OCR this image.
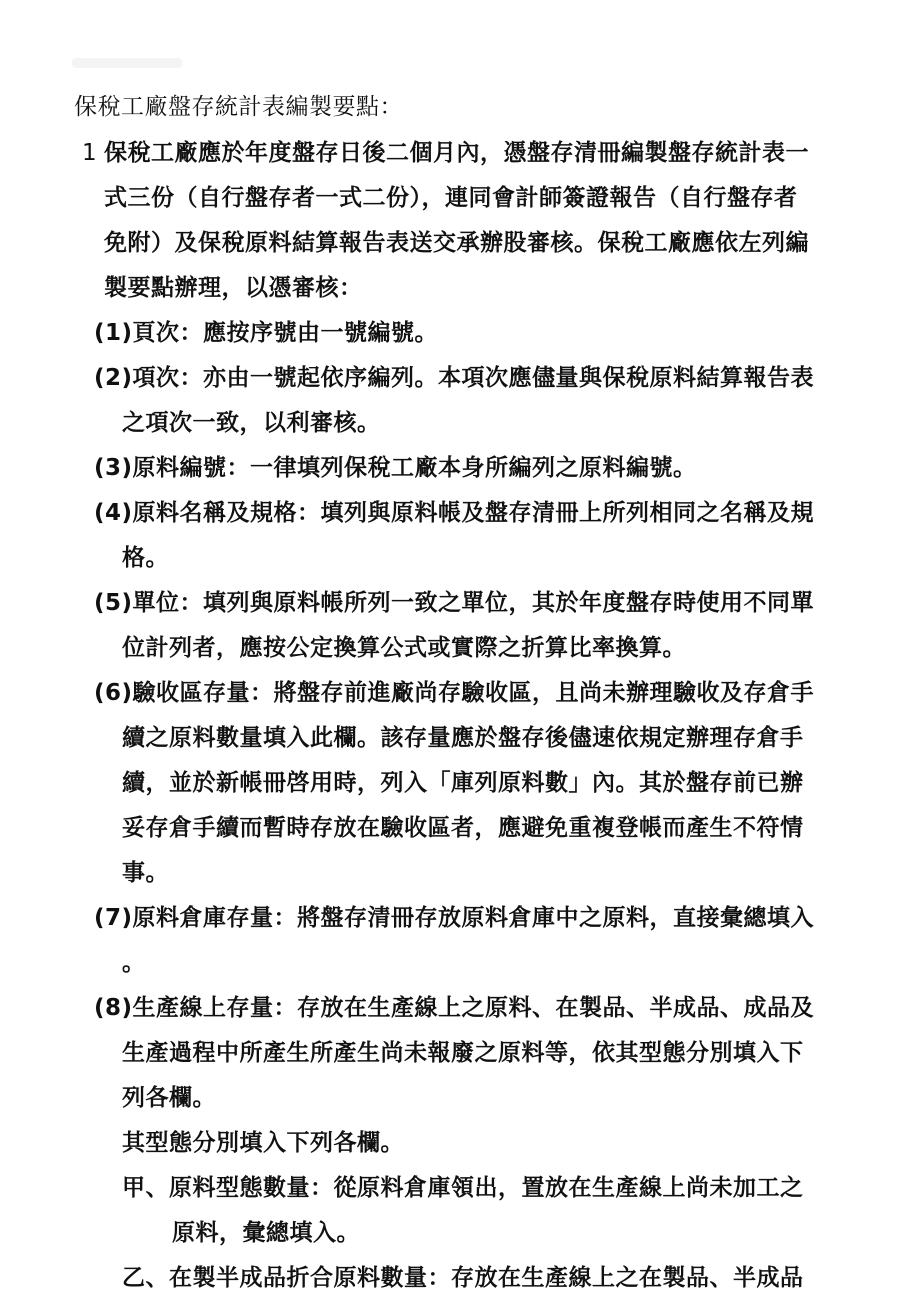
保稅工廠盤存統計表編製要點：
1 保稅工廠應於年度盤存日後二個月內，憑盤存清冊編製盤存統計表一
式三份（自行盤存者一式二份），連同會計師簽證報告（自行盤存者
免附）及保稅原料結算報告表送交承辦股審核。保稅工廠應依左列編
製要點辦理，以憑審核：
(1)頁次：應按序號由一號編號。
(2)項次：亦由一號起依序編列。本項次應儘量與保稅原料結算報告表
之項次一致，以利審核。
(3)原料編號：一律填列保稅工廠本身所編列之原料編號。
(4)原料名稱及規格：填列與原料帳及盤存清冊上所列相同之名稱及規
格。
(5)單位：填列與原料帳所列一致之單位，其於年度盤存時使用不同單
位計列者，應按公定換算公式或實際之折算比率換算。
(6)驗收區存量：將盤存前進廠尚存驗收區，且尚未辦理驗收及存倉手
續之原料數量填入此欄。該存量應於盤存後儘速依規定辦理存倉手
續，並於新帳冊啓用時，列入「庫列原料數」內。其於盤存前已辦
妥存倉手續而暫時存放在驗收區者，應避免重複登帳而產生不符情
事。
(7)原料倉庫存量：將盤存清冊存放原料倉庫中之原料，直接彙總填入
。
(8)生產線上存量：存放在生產線上之原料、在製品、半成品、成品及
生產過程中所產生所產生尚未報廢之原料等，依其型態分別填入下
列各欄。
其型態分別填入下列各欄。
甲、原料型態數量：從原料倉庫領出，置放在生產線上尚未加工之
原料，彙總填入。
乙、在製半成品折合原料數量：存放在生產線上之在製品、半成品
